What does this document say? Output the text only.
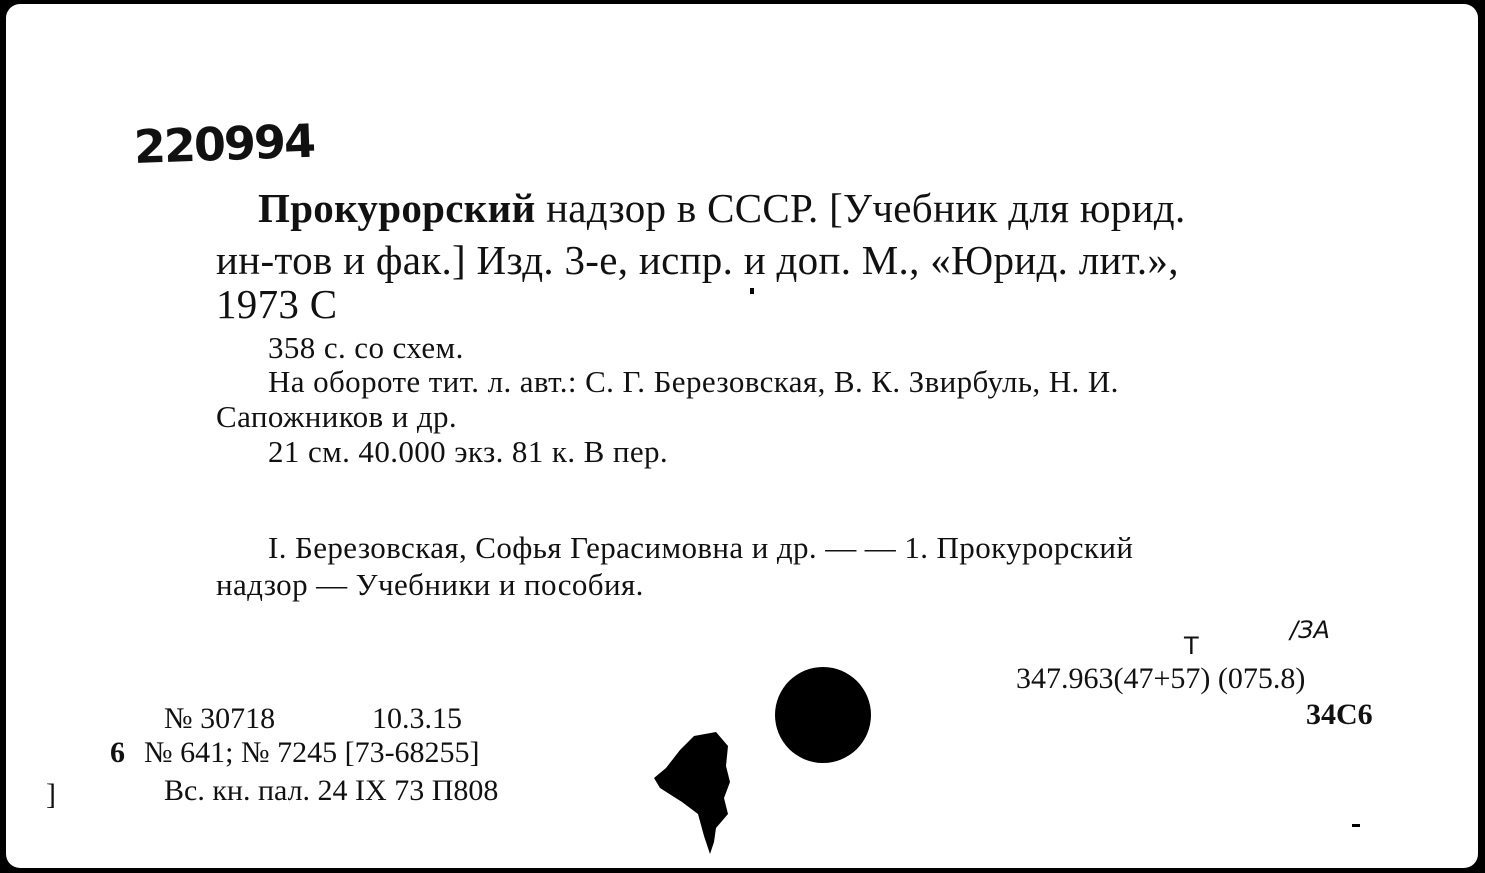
220994
Прокурорский надзор в СССР. [Учебник для юрид.
ин-тов и фак.] Изд. 3-е, испр. и доп. М., «Юрид. лит.»,
1973 С
358 с. со схем.
На обороте тит. л. авт.: С. Г. Березовская, В. К. Звирбуль, Н. И.
Сапожников и др.
21 см. 40.000 экз. 81 к. В пер.
I. Березовская, Софья Герасимовна и др. — — 1. Прокурорский
надзор — Учебники и пособия.
/ЗА
Т
347.963(47+57) (075.8)
34С6
№ 30718	10.3.15
6 № 641; № 7245 [73-68255]
Вс. кн. пал. 24 IX 73 П808
]
